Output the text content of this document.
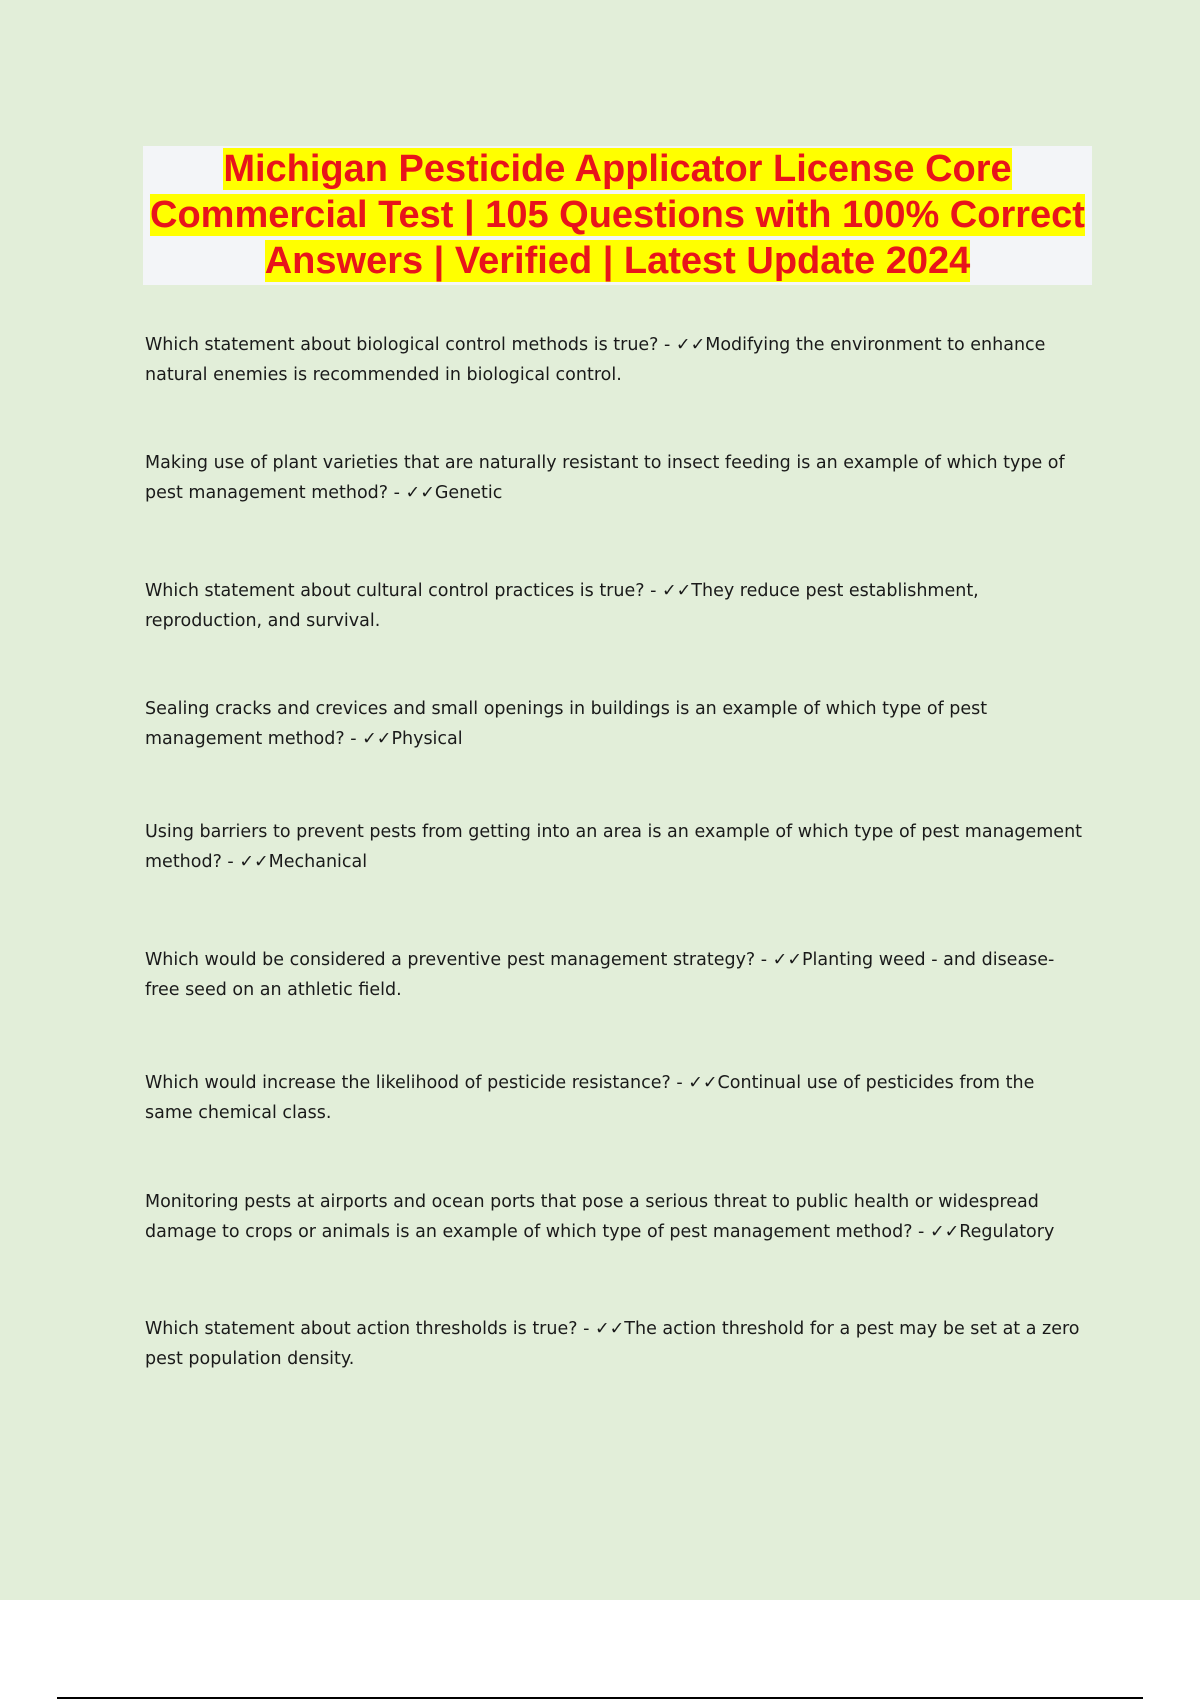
Michigan Pesticide Applicator License Core Commercial Test | 105 Questions with 100% Correct Answers | Verified | Latest Update 2024
Which statement about biological control methods is true? - ✓✓Modifying the environment to enhance natural enemies is recommended in biological control.
Making use of plant varieties that are naturally resistant to insect feeding is an example of which type of pest management method? - ✓✓Genetic
Which statement about cultural control practices is true? - ✓✓They reduce pest establishment, reproduction, and survival.
Sealing cracks and crevices and small openings in buildings is an example of which type of pest management method? - ✓✓Physical
Using barriers to prevent pests from getting into an area is an example of which type of pest management method? - ✓✓Mechanical
Which would be considered a preventive pest management strategy? - ✓✓Planting weed - and disease-free seed on an athletic field.
Which would increase the likelihood of pesticide resistance? - ✓✓Continual use of pesticides from the same chemical class.
Monitoring pests at airports and ocean ports that pose a serious threat to public health or widespread damage to crops or animals is an example of which type of pest management method? - ✓✓Regulatory
Which statement about action thresholds is true? - ✓✓The action threshold for a pest may be set at a zero pest population density.
